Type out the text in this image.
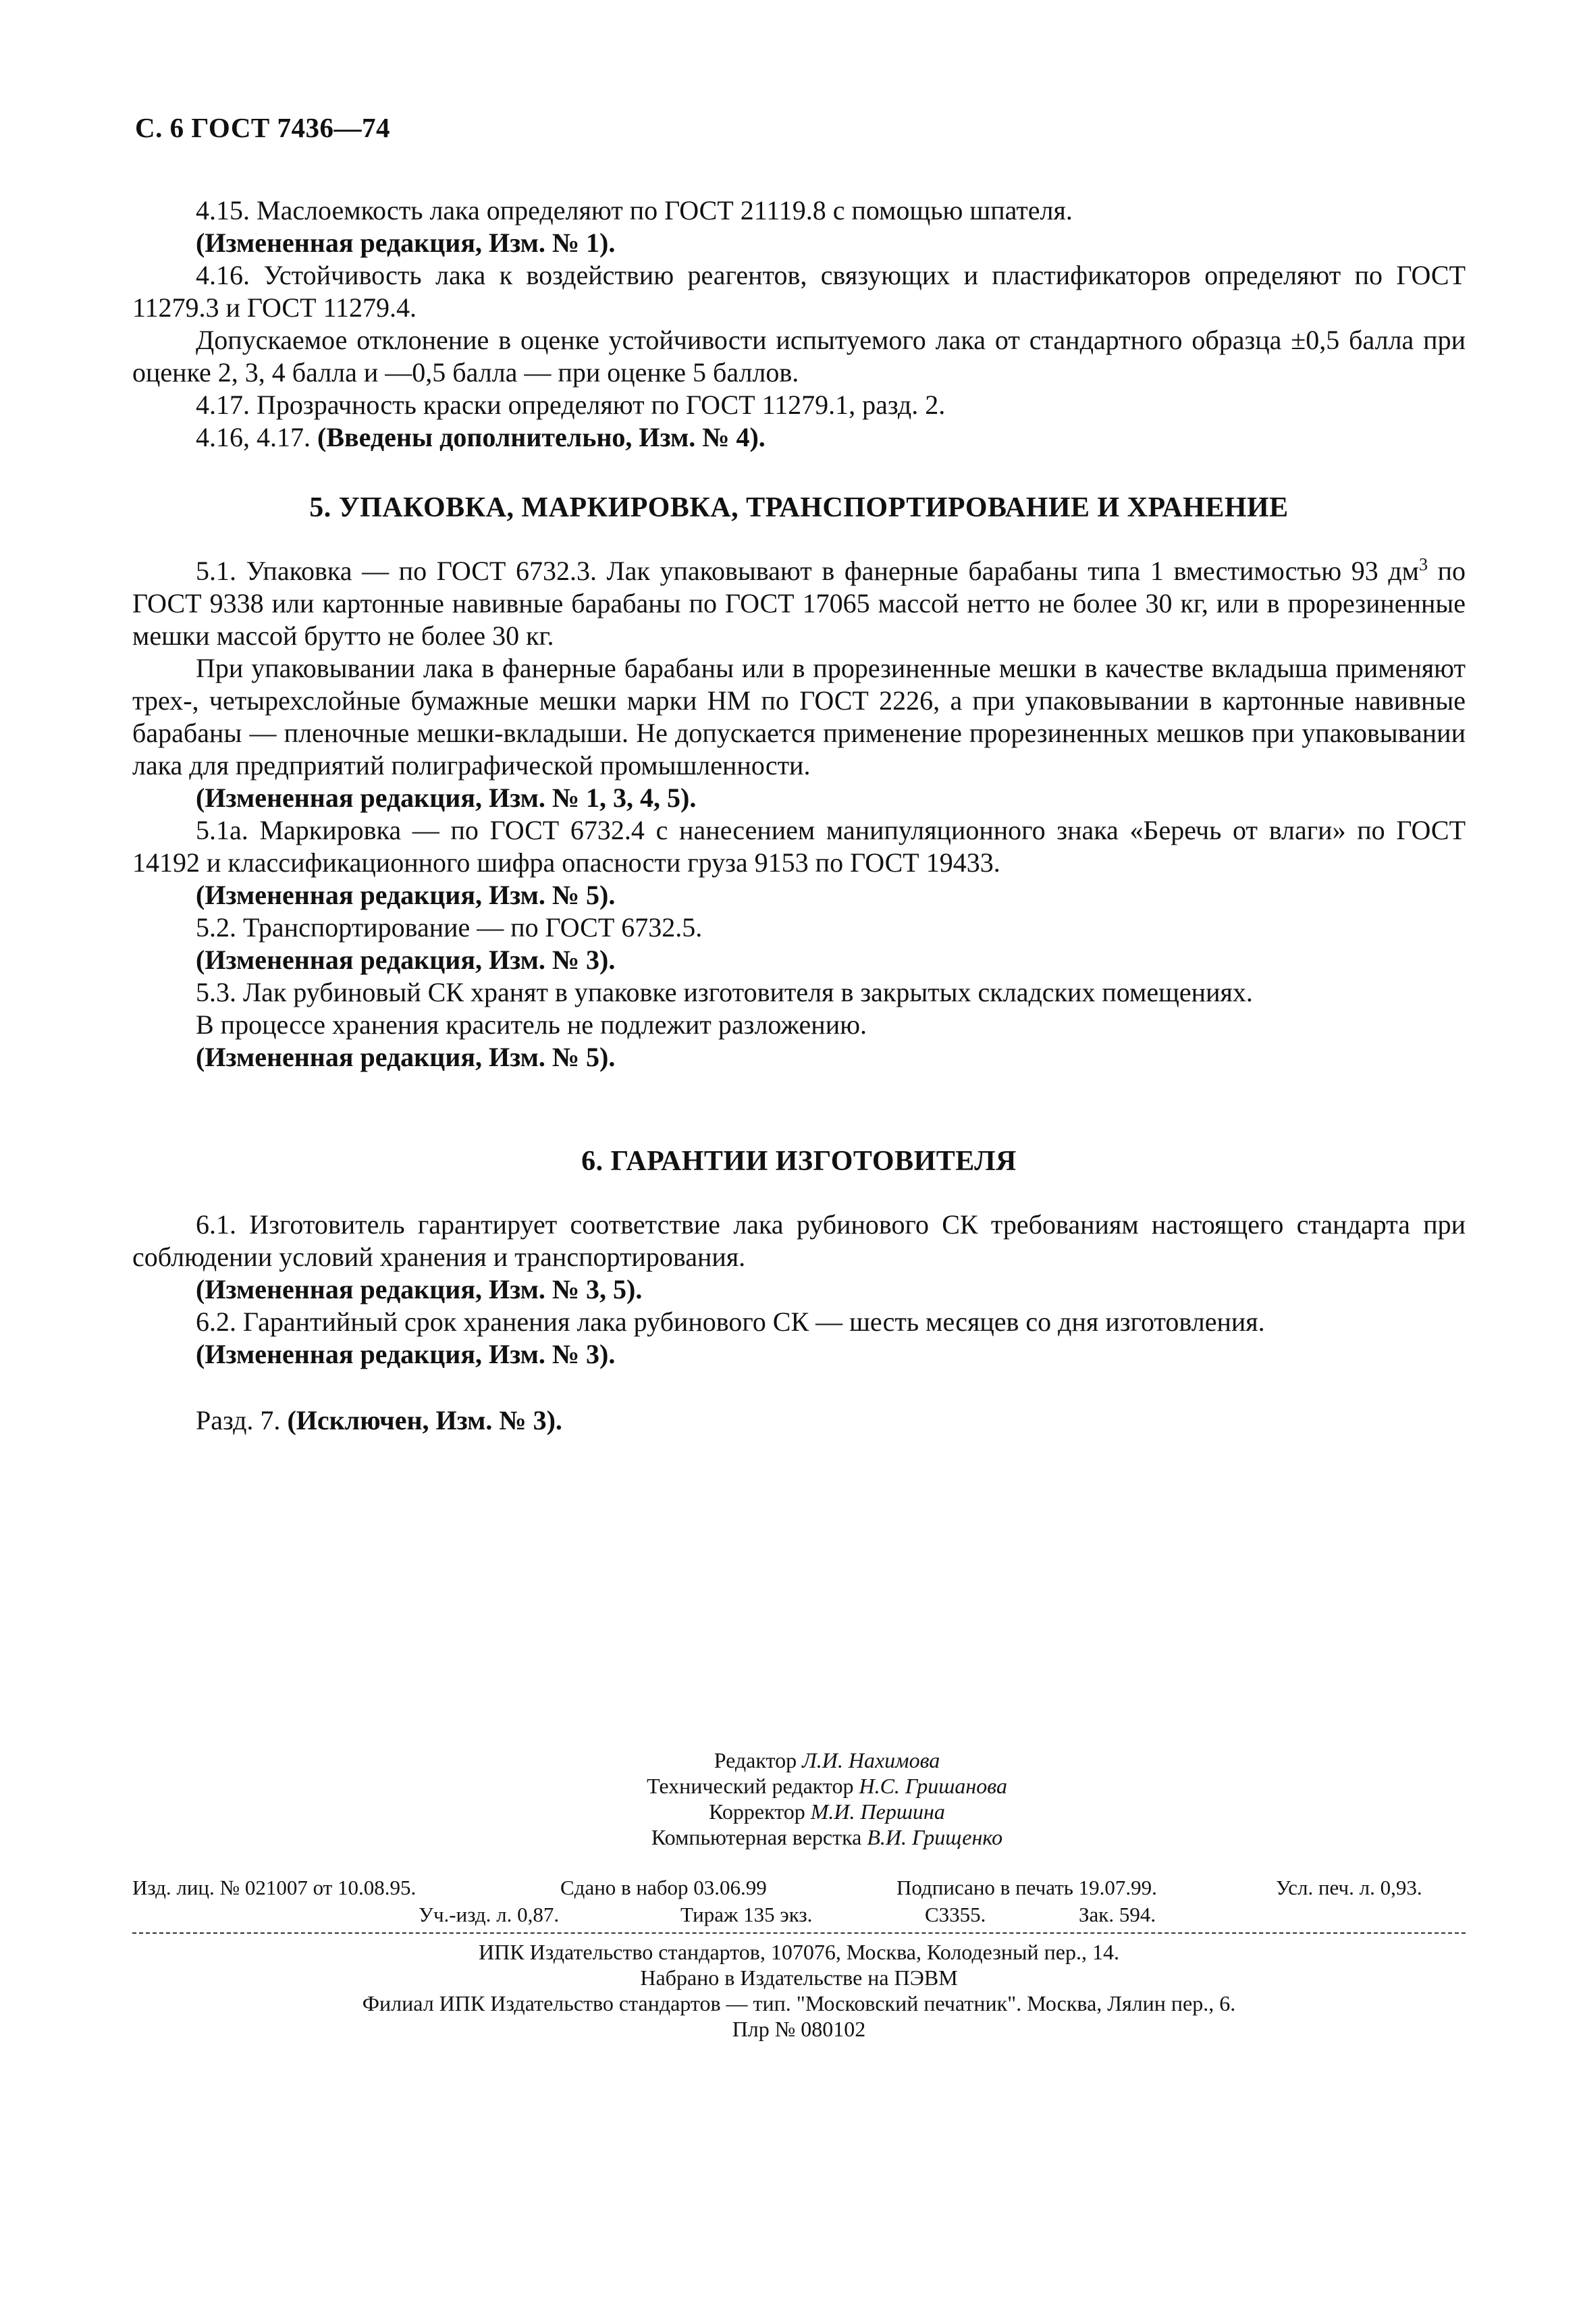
С. 6 ГОСТ 7436—74

4.15. Маслоемкость лака определяют по ГОСТ 21119.8 с помощью шпателя.

(Измененная редакция, Изм. № 1).

4.16. Устойчивость лака к воздействию реагентов, связующих и пластификаторов определяют по ГОСТ 11279.3 и ГОСТ 11279.4.

Допускаемое отклонение в оценке устойчивости испытуемого лака от стандартного образца ±0,5 балла при оценке 2, 3, 4 балла и —0,5 балла — при оценке 5 баллов.

4.17. Прозрачность краски определяют по ГОСТ 11279.1, разд. 2.

4.16, 4.17. (Введены дополнительно, Изм. № 4).

5. УПАКОВКА, МАРКИРОВКА, ТРАНСПОРТИРОВАНИЕ И ХРАНЕНИЕ

5.1. Упаковка — по ГОСТ 6732.3. Лак упаковывают в фанерные барабаны типа 1 вместимостью 93 $дм^3$ по ГОСТ 9338 или картонные навивные барабаны по ГОСТ 17065 массой нетто не более 30 кг, или в прорезиненные мешки массой брутто не более 30 кг.

При упаковывании лака в фанерные барабаны или в прорезиненные мешки в качестве вкладыша применяют трех-, четырехслойные бумажные мешки марки НМ по ГОСТ 2226, а при упаковывании в картонные навивные барабаны — пленочные мешки-вкладыши. Не допускается применение прорезиненных мешков при упаковывании лака для предприятий полиграфической промышленности.

(Измененная редакция, Изм. № 1, 3, 4, 5).

5.1а. Маркировка — по ГОСТ 6732.4 с нанесением манипуляционного знака «Беречь от влаги» по ГОСТ 14192 и классификационного шифра опасности груза 9153 по ГОСТ 19433.

(Измененная редакция, Изм. № 5).

5.2. Транспортирование — по ГОСТ 6732.5.

(Измененная редакция, Изм. № 3).

5.3. Лак рубиновый СК хранят в упаковке изготовителя в закрытых складских помещениях.

В процессе хранения краситель не подлежит разложению.

(Измененная редакция, Изм. № 5).

6. ГАРАНТИИ ИЗГОТОВИТЕЛЯ

6.1. Изготовитель гарантирует соответствие лака рубинового СК требованиям настоящего стандарта при соблюдении условий хранения и транспортирования.

(Измененная редакция, Изм. № 3, 5).

6.2. Гарантийный срок хранения лака рубинового СК — шесть месяцев со дня изготовления.

(Измененная редакция, Изм. № 3).

Разд. 7. (Исключен, Изм. № 3).

Редактор Л.И. Нахимова
Технический редактор Н.С. Гришанова
Корректор М.И. Першина
Компьютерная верстка В.И. Грищенко
Изд. лиц. № 021007 от 10.08.95.	Сдано в набор 03.06.99	Подписано в печать 19.07.99.	Усл. печ. л. 0,93.
Уч.-изд. л. 0,87.	Тираж 135 экз.	С3355.	Зак. 594.
ИПК Издательство стандартов, 107076, Москва, Колодезный пер., 14.
Набрано в Издательстве на ПЭВМ
Филиал ИПК Издательство стандартов — тип. "Московский печатник". Москва, Лялин пер., 6.
Плр № 080102
